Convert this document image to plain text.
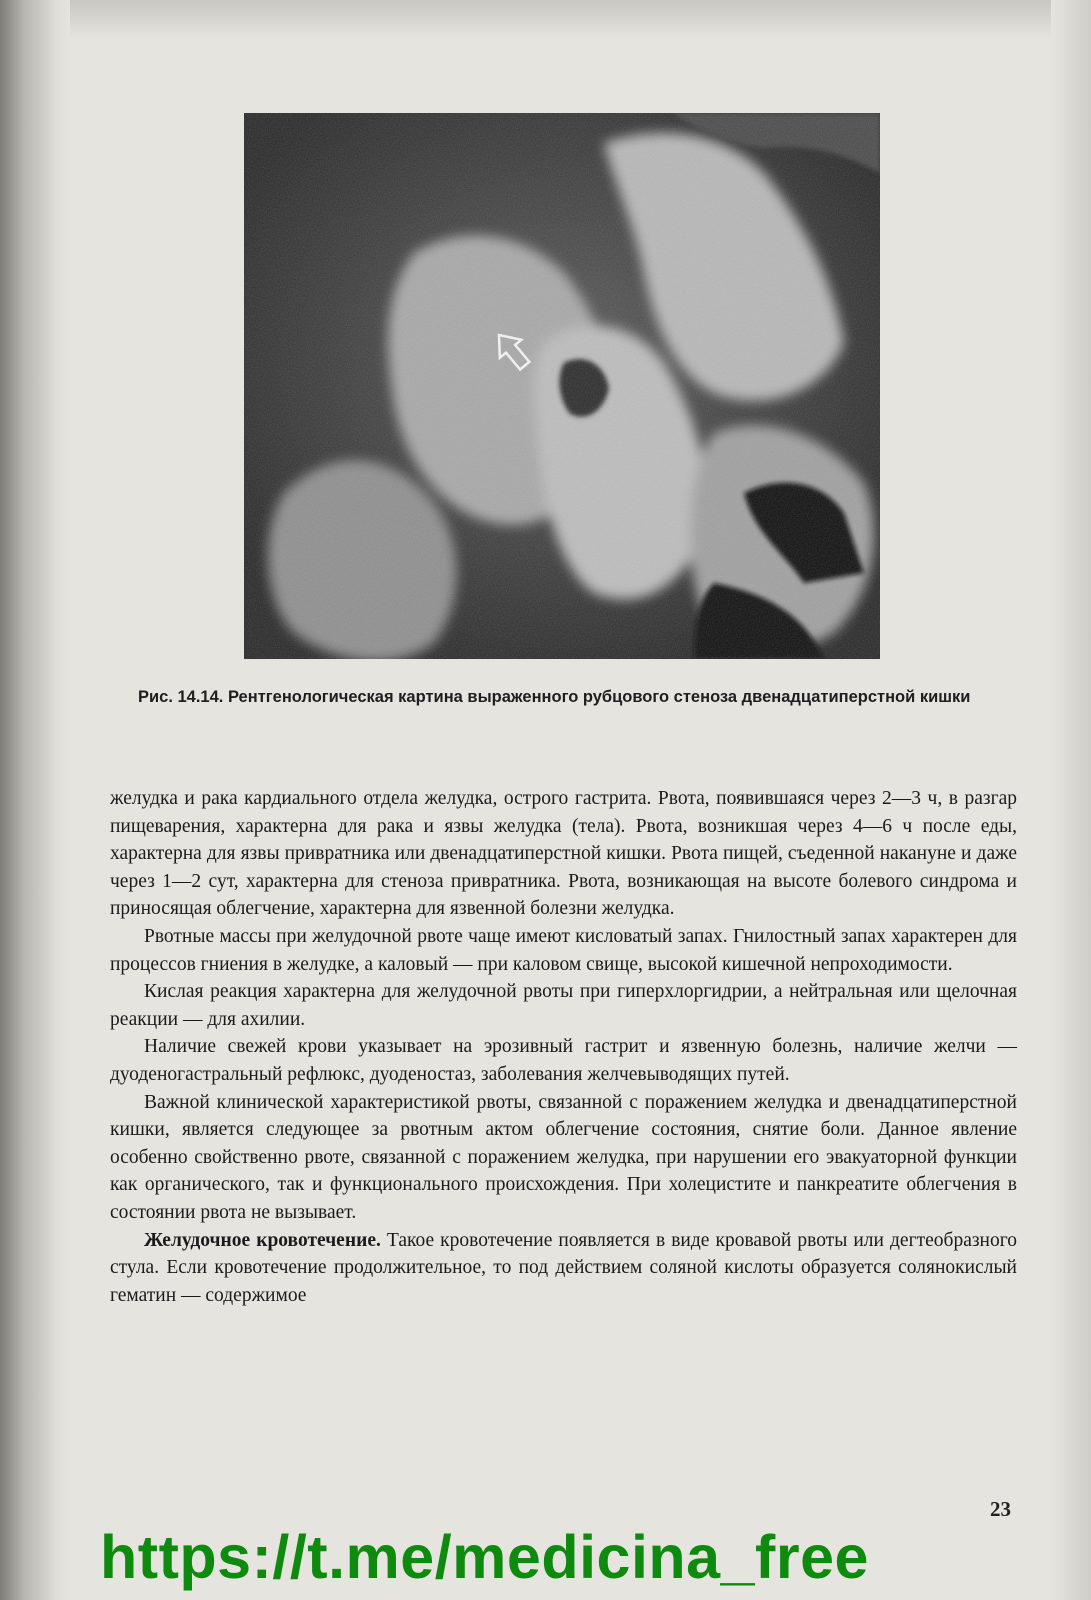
Рис. 14.14. Рентгенологическая картина выраженного рубцового стеноза двенадцатиперстной кишки

желудка и рака кардиального отдела желудка, острого гастрита. Рвота, появившаяся через 2—3 ч, в разгар пищеварения, характерна для рака и язвы желудка (тела). Рвота, возникшая через 4—6 ч после еды, характерна для язвы привратника или двенадцатиперстной кишки. Рвота пищей, съеденной накануне и даже через 1—2 сут, характерна для стеноза привратника. Рвота, возникающая на высоте болевого синдрома и приносящая облегчение, характерна для язвенной болезни желудка.

Рвотные массы при желудочной рвоте чаще имеют кисловатый запах. Гнилостный запах характерен для процессов гниения в желудке, а каловый — при каловом свище, высокой кишечной непроходимости.

Кислая реакция характерна для желудочной рвоты при гиперхлоргидрии, а нейтральная или щелочная реакции — для ахилии.

Наличие свежей крови указывает на эрозивный гастрит и язвенную болезнь, наличие желчи — дуоденогастральный рефлюкс, дуоденостаз, заболевания желчевыводящих путей.

Важной клинической характеристикой рвоты, связанной с поражением желудка и двенадцатиперстной кишки, является следующее за рвотным актом облегчение состояния, снятие боли. Данное явление особенно свойственно рвоте, связанной с поражением желудка, при нарушении его эвакуаторной функции как органического, так и функционального происхождения. При холецистите и панкреатите облегчения в состоянии рвота не вызывает.

Желудочное кровотечение. Такое кровотечение появляется в виде кровавой рвоты или дегтеобразного стула. Если кровотечение продолжительное, то под действием соляной кислоты образуется солянокислый гематин — содержимое

23
https://t.me/medicina_free
